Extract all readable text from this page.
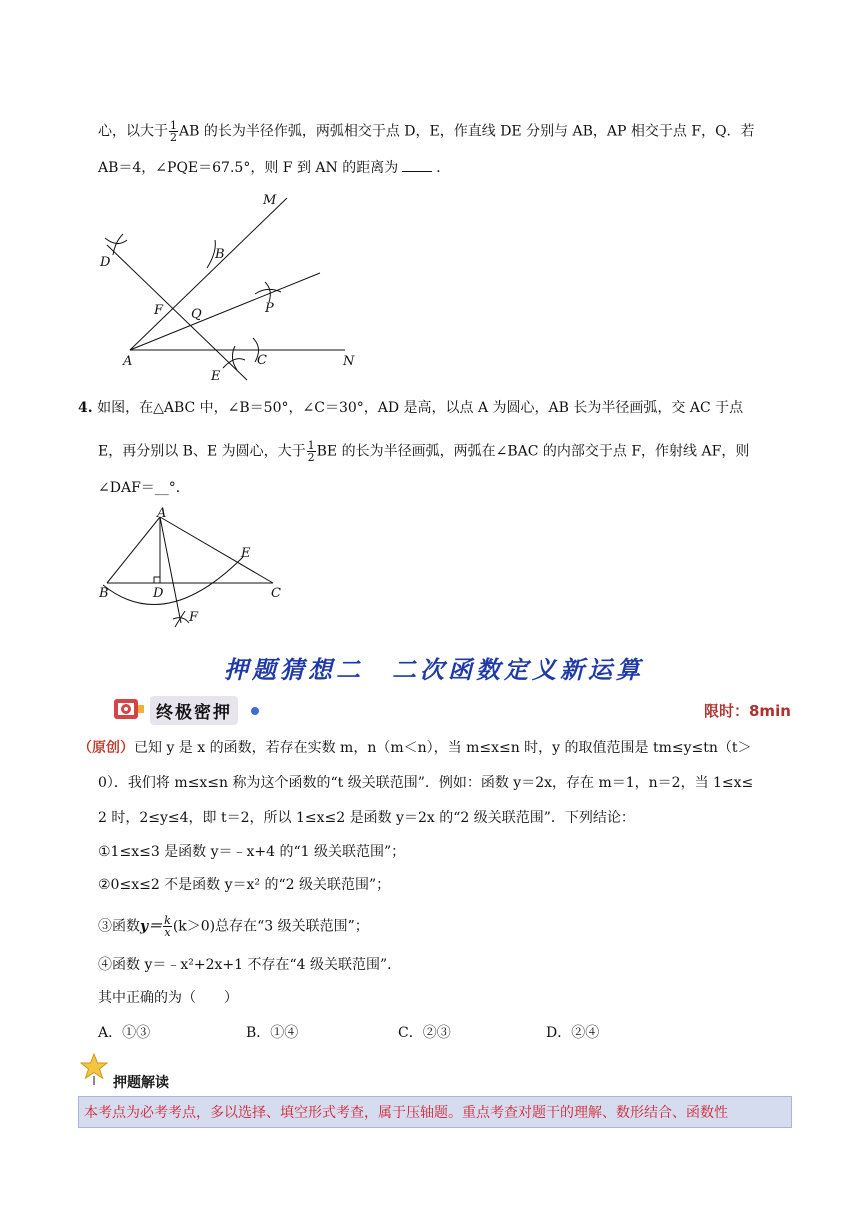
心，以大于 $\frac{1}{2}$ AB 的长为半径作弧，两弧相交于点 D，E，作直线 DE 分别与 AB，AP 相交于点 F，Q．若
AB＝4，∠PQE＝67.5°，则 F 到 AN 的距离为	．
M
B
D
P
F Q
A	C	N
E
4. 如图，在△ABC 中，∠B＝50°，∠C＝30°，AD 是高，以点 A 为圆心，AB 长为半径画弧，交 AC 于点
E，再分别以 B、E 为圆心，大于 $\frac{1}{2}$ BE 的长为半径画弧，两弧在∠BAC 的内部交于点 F，作射线 AF，则
∠DAF＝__°．
A
E
B	D	C
F
押题猜想二　二次函数定义新运算
终极密押	限时：8min
（原创）已知 y 是 x 的函数，若存在实数 m，n（m＜n），当 m≤x≤n 时，y 的取值范围是 tm≤y≤tn（t＞
0）．我们将 m≤x≤n 称为这个函数的“t 级关联范围”．例如：函数 y＝2x，存在 m＝1，n＝2，当 1≤x≤
2 时，2≤y≤4，即 t＝2，所以 1≤x≤2 是函数 y＝2x 的“2 级关联范围”．下列结论：
①1≤x≤3 是函数 y＝﹣x+4 的“1 级关联范围”；
②0≤x≤2 不是函数 y＝x² 的“2 级关联范围”；
③函数$y= \frac{k}{x} (k>0)$总存在“3 级关联范围”；
④函数 y＝﹣x²+2x+1 不存在“4 级关联范围”．
其中正确的为（　　）
A．①③	B．①④	C．②③	D．②④
押题解读
本考点为必考考点，多以选择、填空形式考查，属于压轴题。重点考查对题干的理解、数形结合、函数性
